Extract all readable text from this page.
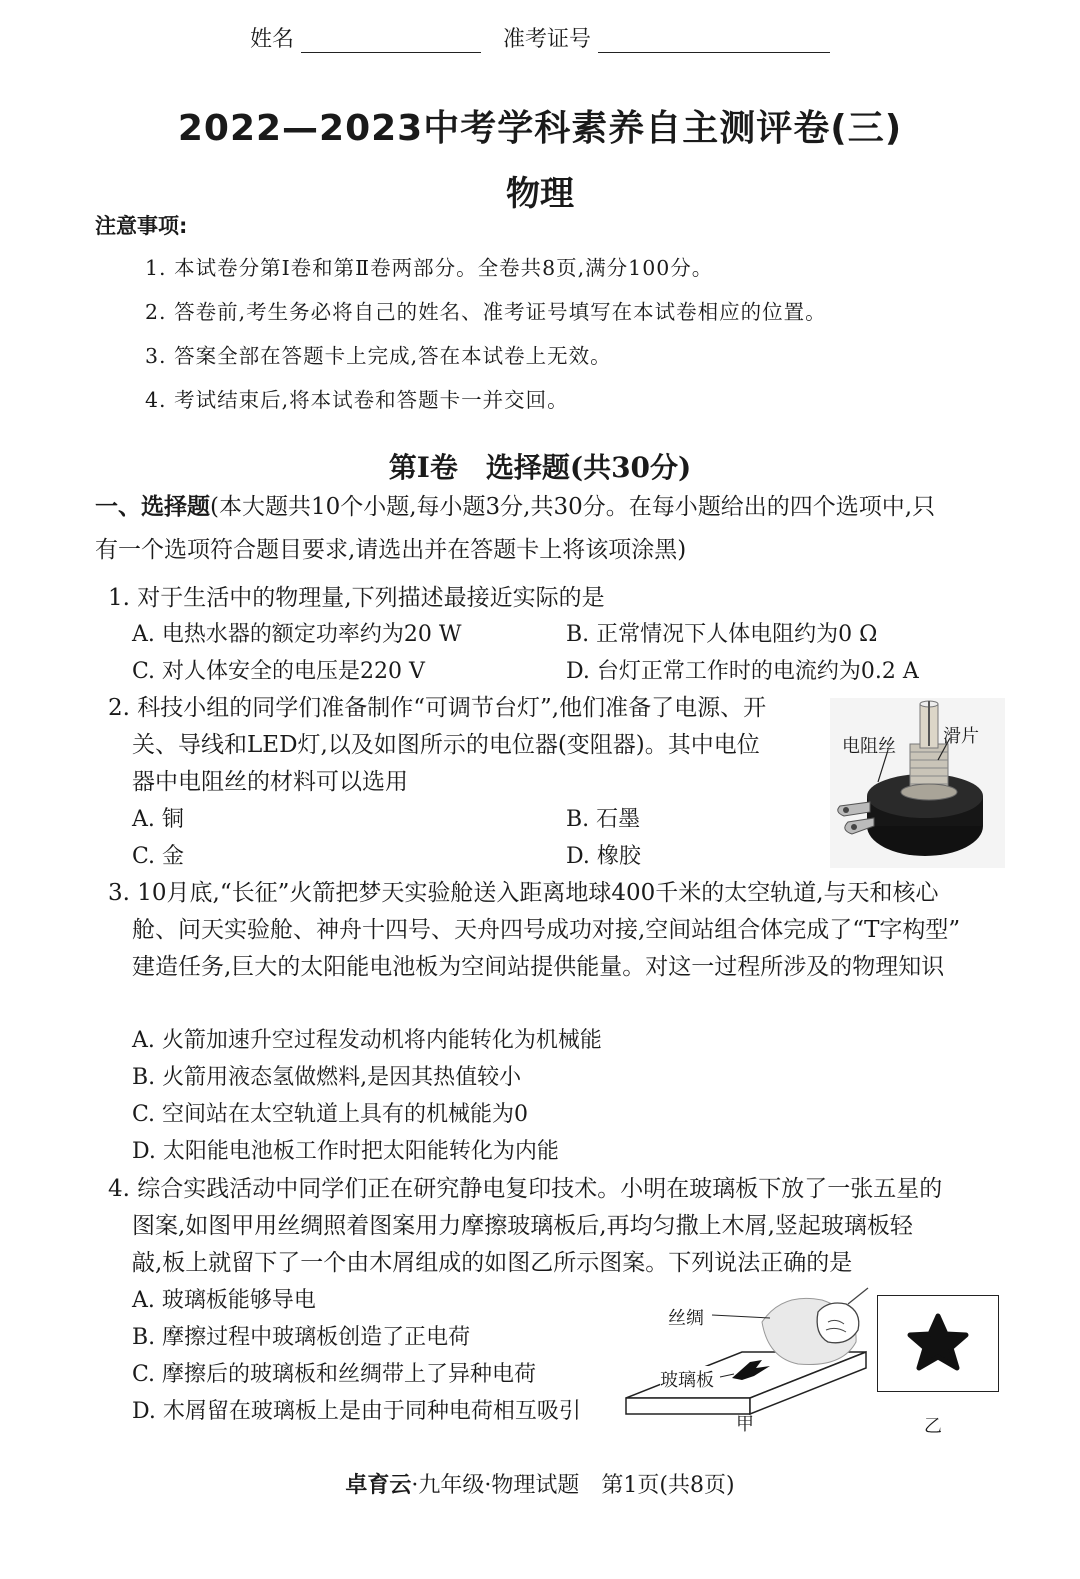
姓名	准考证号
2022—2023中考学科素养自主测评卷(三)
物理
注意事项:
1. 本试卷分第Ⅰ卷和第Ⅱ卷两部分。全卷共8页,满分100分。
2. 答卷前,考生务必将自己的姓名、准考证号填写在本试卷相应的位置。
3. 答案全部在答题卡上完成,答在本试卷上无效。
4. 考试结束后,将本试卷和答题卡一并交回。
第Ⅰ卷　选择题(共30分)
一、选择题(本大题共10个小题,每小题3分,共30分。在每小题给出的四个选项中,只
有一个选项符合题目要求,请选出并在答题卡上将该项涂黑)
1. 对于生活中的物理量,下列描述最接近实际的是
A. 电热水器的额定功率约为20 W	B. 正常情况下人体电阻约为0 Ω
C. 对人体安全的电压是220 V	D. 台灯正常工作时的电流约为0.2 A
2. 科技小组的同学们准备制作“可调节台灯”,他们准备了电源、开
关、导线和LED灯,以及如图所示的电位器(变阻器)。其中电位
器中电阻丝的材料可以选用
A. 铜	B. 石墨
C. 金	D. 橡胶
电阻丝	滑片
3. 10月底,“长征”火箭把梦天实验舱送入距离地球400千米的太空轨道,与天和核心
舱、问天实验舱、神舟十四号、天舟四号成功对接,空间站组合体完成了“T字构型”
建造任务,巨大的太阳能电池板为空间站提供能量。对这一过程所涉及的物理知识
A. 火箭加速升空过程发动机将内能转化为机械能
B. 火箭用液态氢做燃料,是因其热值较小
C. 空间站在太空轨道上具有的机械能为0
D. 太阳能电池板工作时把太阳能转化为内能
4. 综合实践活动中同学们正在研究静电复印技术。小明在玻璃板下放了一张五星的
图案,如图甲用丝绸照着图案用力摩擦玻璃板后,再均匀撒上木屑,竖起玻璃板轻
敲,板上就留下了一个由木屑组成的如图乙所示图案。下列说法正确的是
A. 玻璃板能够导电
B. 摩擦过程中玻璃板创造了正电荷
C. 摩擦后的玻璃板和丝绸带上了异种电荷
D. 木屑留在玻璃板上是由于同种电荷相互吸引
丝绸
玻璃板
甲	乙
卓育云·九年级·物理试题　第1页(共8页)
